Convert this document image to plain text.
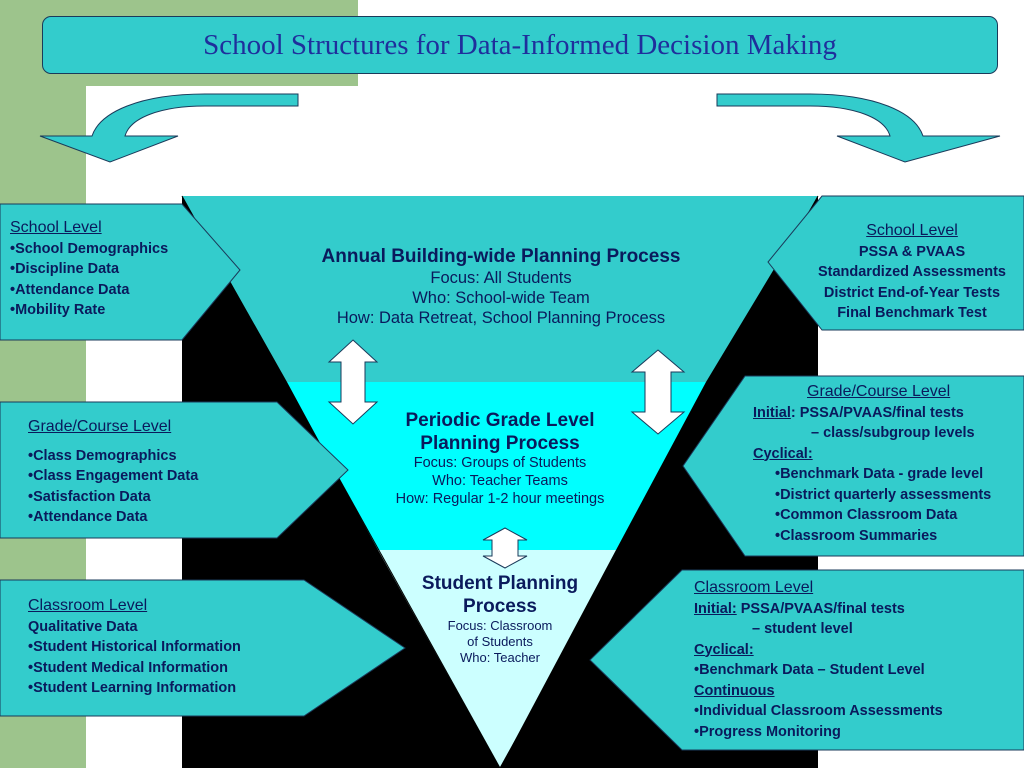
School Structures for Data-Informed Decision Making
Annual Building-wide Planning Process
Focus: All Students
Who: School-wide Team
How: Data Retreat, School Planning Process
Periodic Grade Level
Planning Process
Focus: Groups of Students
Who: Teacher Teams
How: Regular 1-2 hour meetings
Student Planning
Process
Focus: Classroom
of Students
Who: Teacher
School Level
•School Demographics
•Discipline Data
•Attendance Data
•Mobility Rate
Grade/Course Level
•Class Demographics
•Class Engagement Data
•Satisfaction Data
•Attendance Data
Classroom Level
Qualitative Data
•Student Historical Information
•Student Medical Information
•Student Learning Information
School Level
PSSA & PVAAS
Standardized Assessments
District End-of-Year Tests
Final Benchmark Test
Grade/Course Level
Initial: PSSA/PVAAS/final tests
– class/subgroup levels
Cyclical:
•Benchmark Data - grade level
•District quarterly assessments
•Common Classroom Data
•Classroom Summaries
Classroom Level
Initial: PSSA/PVAAS/final tests
– student level
Cyclical:
•Benchmark Data – Student Level
Continuous
•Individual Classroom Assessments
•Progress Monitoring
